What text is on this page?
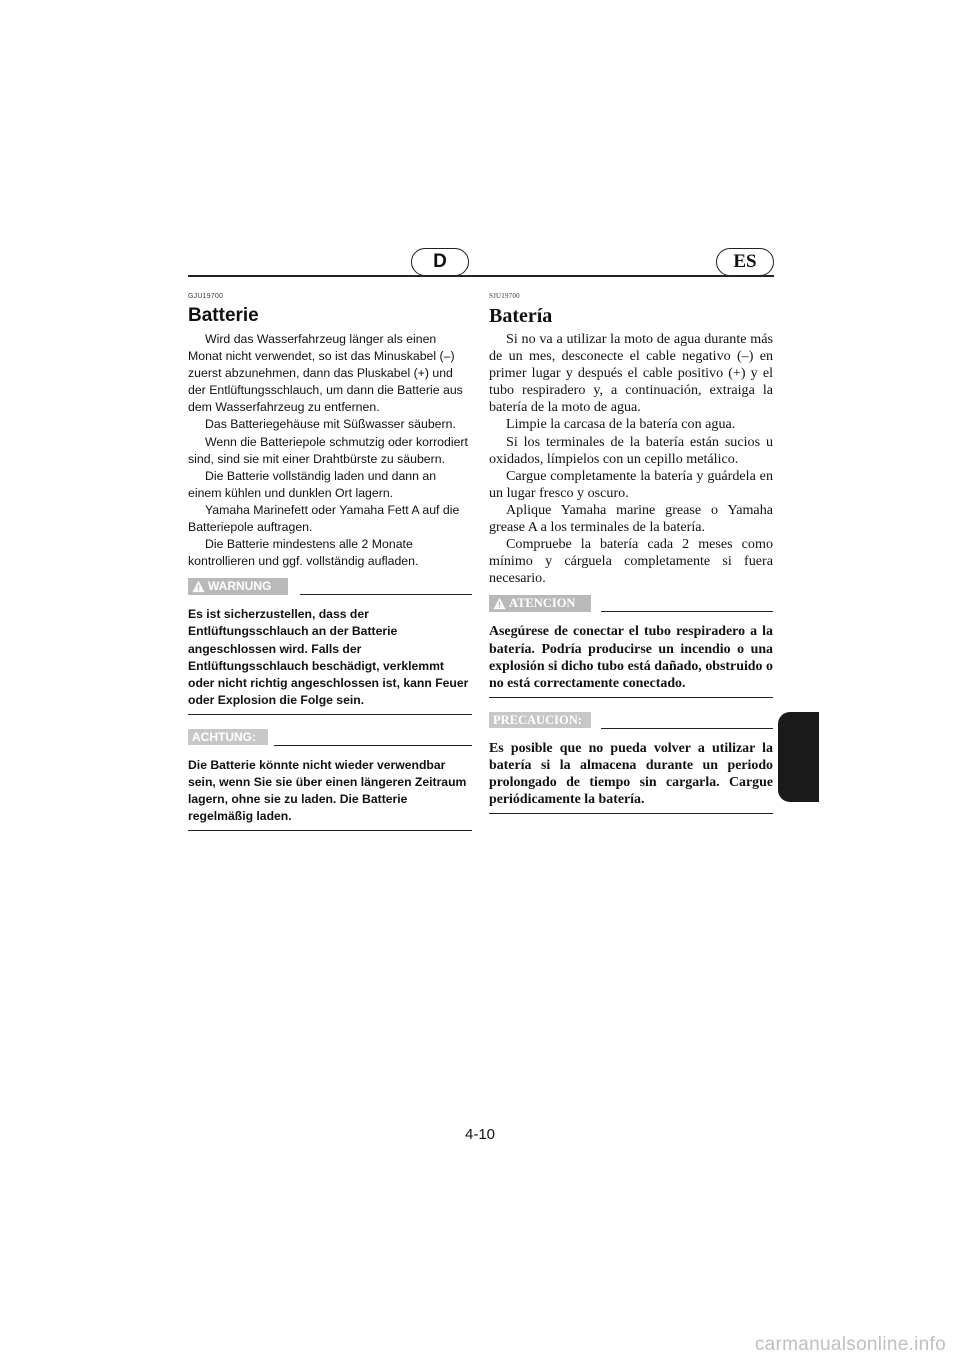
D	ES
GJU19700
Batterie

Wird das Wasserfahrzeug länger als einen Monat nicht verwendet, so ist das Minuskabel (–) zuerst abzunehmen, dann das Pluskabel (+) und der Entlüftungsschlauch, um dann die Batterie aus dem Wasserfahrzeug zu entfernen.

Das Batteriegehäuse mit Süßwasser säubern.

Wenn die Batteriepole schmutzig oder korrodiert sind, sind sie mit einer Drahtbürste zu säubern.

Die Batterie vollständig laden und dann an einem kühlen und dunklen Ort lagern.

Yamaha Marinefett oder Yamaha Fett A auf die Batteriepole auftragen.

Die Batterie mindestens alle 2 Monate kontrollieren und ggf. vollständig aufladen.

WARNUNG
Es ist sicherzustellen, dass der Entlüftungsschlauch an der Batterie angeschlossen wird. Falls der Entlüftungsschlauch beschädigt, verklemmt oder nicht richtig angeschlossen ist, kann Feuer oder Explosion die Folge sein.
ACHTUNG:
Die Batterie könnte nicht wieder verwendbar sein, wenn Sie sie über einen längeren Zeitraum lagern, ohne sie zu laden. Die Batterie regelmäßig laden.
SJU19700
Batería

Si no va a utilizar la moto de agua durante más de un mes, desconecte el cable negativo (–) en primer lugar y después el cable positivo (+) y el tubo respiradero y, a continuación, extraiga la batería de la moto de agua.

Limpie la carcasa de la batería con agua.

Si los terminales de la batería están sucios u oxidados, límpielos con un cepillo metálico.

Cargue completamente la batería y guárdela en un lugar fresco y oscuro.

Aplique Yamaha marine grease o Yamaha grease A a los terminales de la batería.

Compruebe la batería cada 2 meses como mínimo y cárguela completamente si fuera necesario.

ATENCION
Asegúrese de conectar el tubo respiradero a la batería. Podría producirse un incendio o una explosión si dicho tubo está dañado, obstruido o no está correctamente conectado.
PRECAUCION:
Es posible que no pueda volver a utilizar la batería si la almacena durante un periodo prolongado de tiempo sin cargarla. Cargue periódicamente la batería.
4-10
carmanualsonline.info
